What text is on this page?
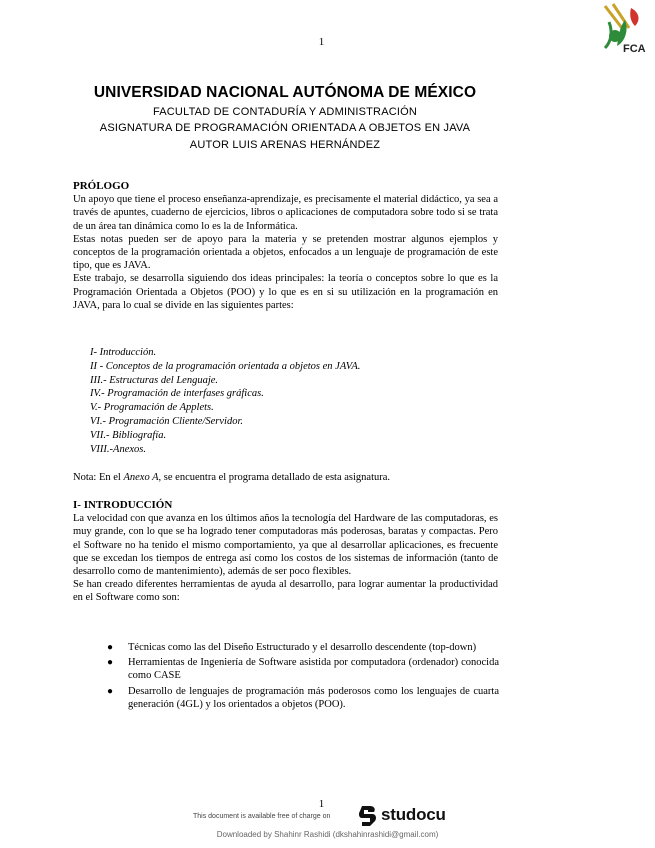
1
FCA
UNIVERSIDAD NACIONAL AUTÓNOMA DE MÉXICO
FACULTAD DE CONTADURÍA Y ADMINISTRACIÓN
ASIGNATURA DE PROGRAMACIÓN ORIENTADA A OBJETOS EN JAVA
AUTOR LUIS ARENAS HERNÁNDEZ
PRÓLOGO

Un apoyo que tiene el proceso enseñanza-aprendizaje, es precisamente el material didáctico, ya sea a través de apuntes, cuaderno de ejercicios, libros o aplicaciones de computadora sobre todo si se trata de un área tan dinámica como lo es la de Informática.

Estas notas pueden ser de apoyo para la materia y se pretenden mostrar algunos ejemplos y conceptos de la programación orientada a objetos, enfocados a un lenguaje de programación de este tipo, que es JAVA.

Este trabajo, se desarrolla siguiendo dos ideas principales: la teoría o conceptos sobre lo que es la Programación Orientada a Objetos (POO) y lo que es en si su utilización en la programación en JAVA, para lo cual se divide en las siguientes partes:

I- Introducción.
II - Conceptos de la programación orientada a objetos en JAVA.
III.- Estructuras del Lenguaje.
IV.- Programación de interfases gráficas.
V.- Programación de Applets.
VI.- Programación Cliente/Servidor.
VII.- Bibliografía.
VIII.-Anexos.
Nota: En el Anexo A, se encuentra el programa detallado de esta asignatura.
I- INTRODUCCIÓN

La velocidad con que avanza en los últimos años la tecnología del Hardware de las computadoras, es muy grande, con lo que se ha logrado tener computadoras más poderosas, baratas y compactas. Pero el Software no ha tenido el mismo comportamiento, ya que al desarrollar aplicaciones, es frecuente que se excedan los tiempos de entrega así como los costos de los sistemas de información (tanto de desarrollo como de mantenimiento), además de ser poco flexibles.

Se han creado diferentes herramientas de ayuda al desarrollo, para lograr aumentar la productividad en el Software como son:

● Técnicas como las del Diseño Estructurado y el desarrollo descendente (top-down)
● Herramientas de Ingeniería de Software asistida por computadora (ordenador) conocida como CASE
● Desarrollo de lenguajes de programación más poderosos como los lenguajes de cuarta generación (4GL) y los orientados a objetos (POO).
1
This document is available free of charge on	studocu
Downloaded by Shahinr Rashidi (dkshahinrashidi@gmail.com)
